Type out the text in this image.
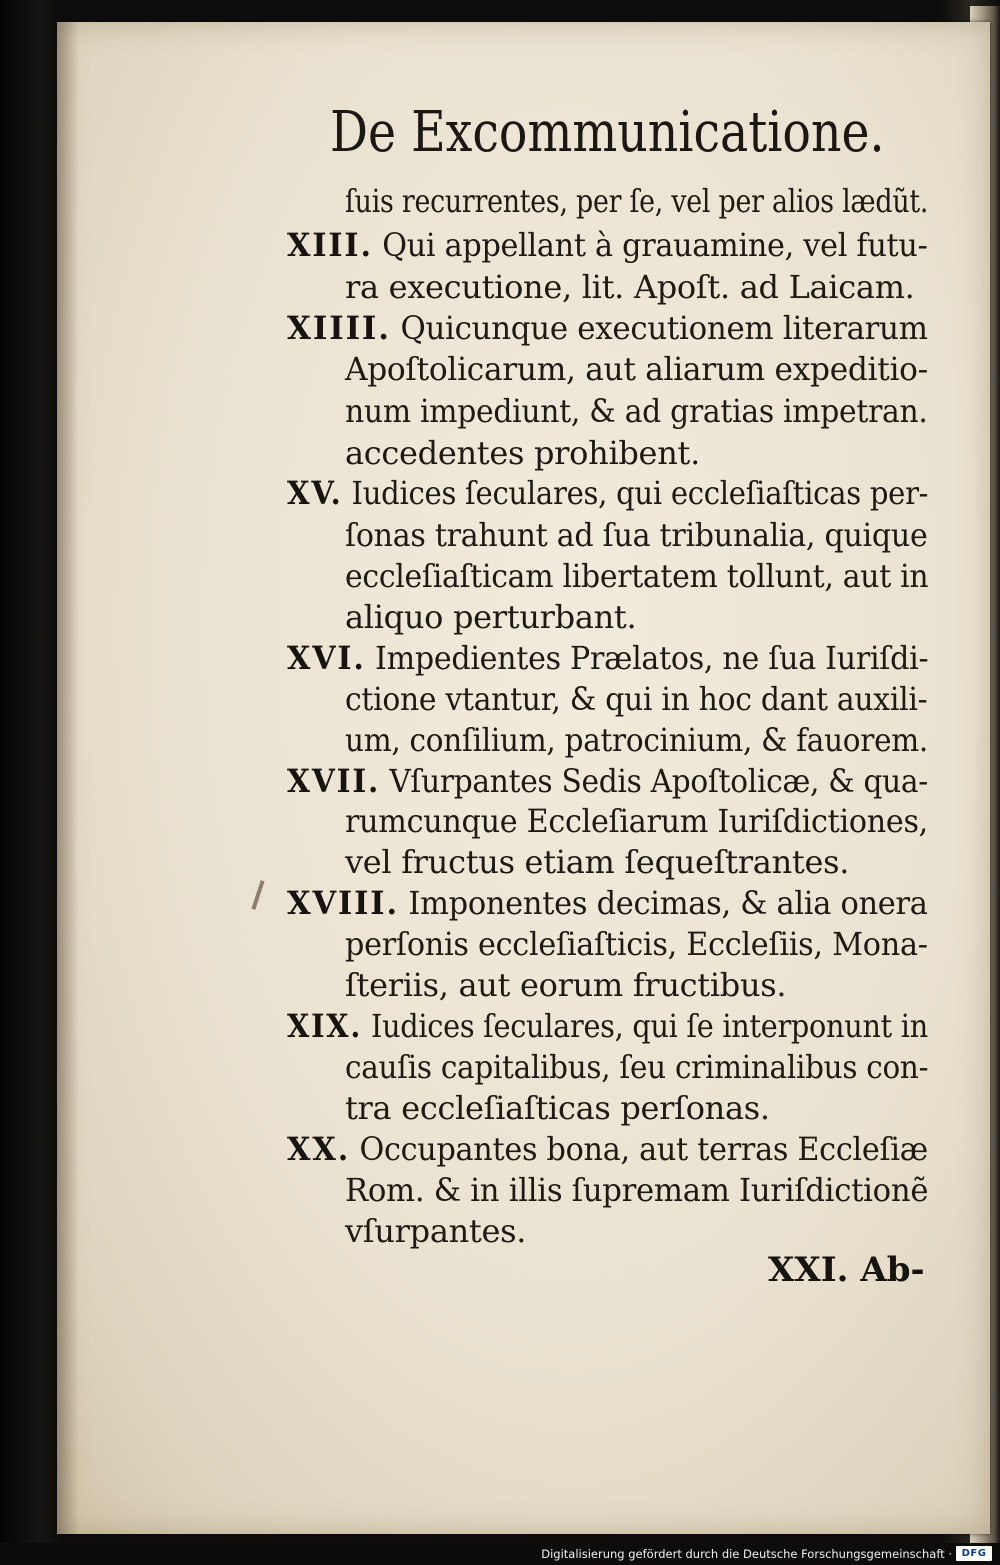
De Excommunicatione.
ſuis recurrentes, per ſe, vel per alios lædũt.
XIII. Qui appellant à grauamine, vel futu-
ra executione, lit. Apoſt. ad Laicam.
XIIII. Quicunque executionem literarum
Apoſtolicarum, aut aliarum expeditio-
num impediunt, & ad gratias impetran.
accedentes prohibent.
XV. Iudices ſeculares, qui eccleſiaſticas per-
ſonas trahunt ad ſua tribunalia, quique
eccleſiaſticam libertatem tollunt, aut in
aliquo perturbant.
XVI. Impedientes Prælatos, ne ſua Iuriſdi-
ctione vtantur, & qui in hoc dant auxili-
um, conſilium, patrocinium, & fauorem.
XVII. Vſurpantes Sedis Apoſtolicæ, & qua-
rumcunque Eccleſiarum Iuriſdictiones,
vel fructus etiam ſequeſtrantes.
XVIII. Imponentes decimas, & alia onera
perſonis eccleſiaſticis, Eccleſiis, Mona-
ſteriis, aut eorum fructibus.
XIX. Iudices ſeculares, qui ſe interponunt in
cauſis capitalibus, ſeu criminalibus con-
tra eccleſiaſticas perſonas.
XX. Occupantes bona, aut terras Eccleſiæ
Rom. & in illis ſupremam Iuriſdictionẽ
vſurpantes.
XXI. Ab-
Digitalisierung gefördert durch die Deutsche Forschungsgemeinschaft · DFG
